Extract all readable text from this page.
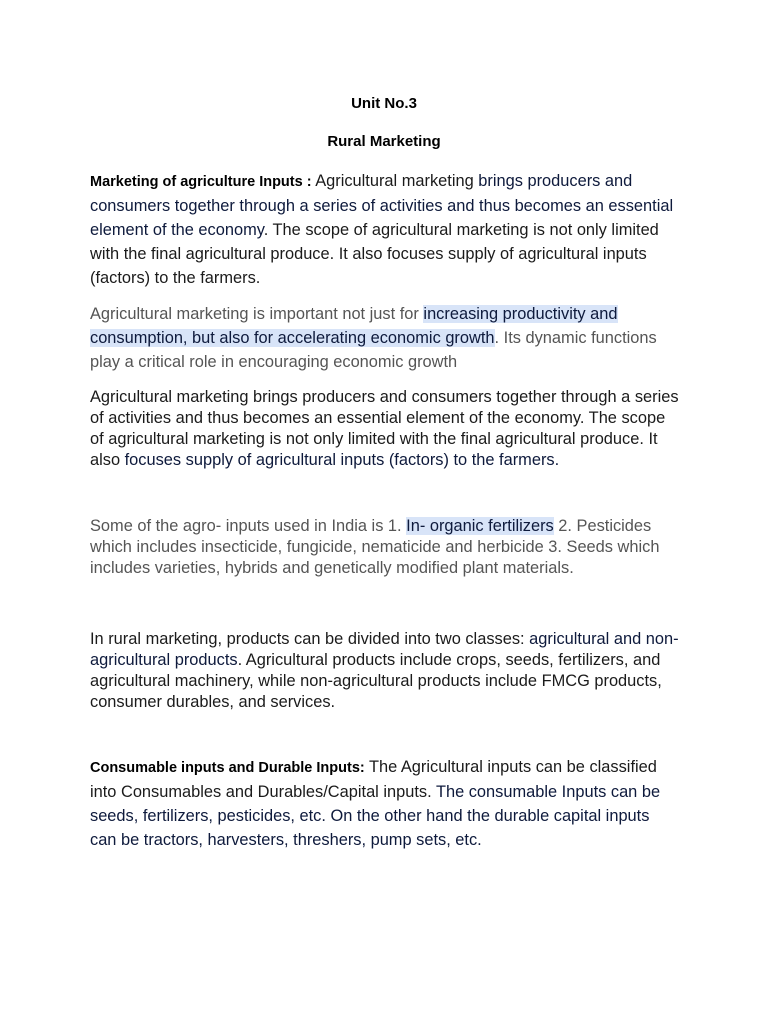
Unit No.3
Rural Marketing

Marketing of agriculture Inputs : Agricultural marketing brings producers and consumers together through a series of activities and thus becomes an essential element of the economy. The scope of agricultural marketing is not only limited with the final agricultural produce. It also focuses supply of agricultural inputs (factors) to the farmers.

Agricultural marketing is important not just for increasing productivity and consumption, but also for accelerating economic growth. Its dynamic functions play a critical role in encouraging economic growth

Agricultural marketing brings producers and consumers together through a series of activities and thus becomes an essential element of the economy. The scope of agricultural marketing is not only limited with the final agricultural produce. It also focuses supply of agricultural inputs (factors) to the farmers.

Some of the agro- inputs used in India is 1. In- organic fertilizers 2. Pesticides which includes insecticide, fungicide, nematicide and herbicide 3. Seeds which includes varieties, hybrids and genetically modified plant materials.

In rural marketing, products can be divided into two classes: agricultural and non-agricultural products. Agricultural products include crops, seeds, fertilizers, and agricultural machinery, while non-agricultural products include FMCG products, consumer durables, and services.

Consumable inputs and Durable Inputs: The Agricultural inputs can be classified into Consumables and Durables/Capital inputs. The consumable Inputs can be seeds, fertilizers, pesticides, etc. On the other hand the durable capital inputs can be tractors, harvesters, threshers, pump sets, etc.
